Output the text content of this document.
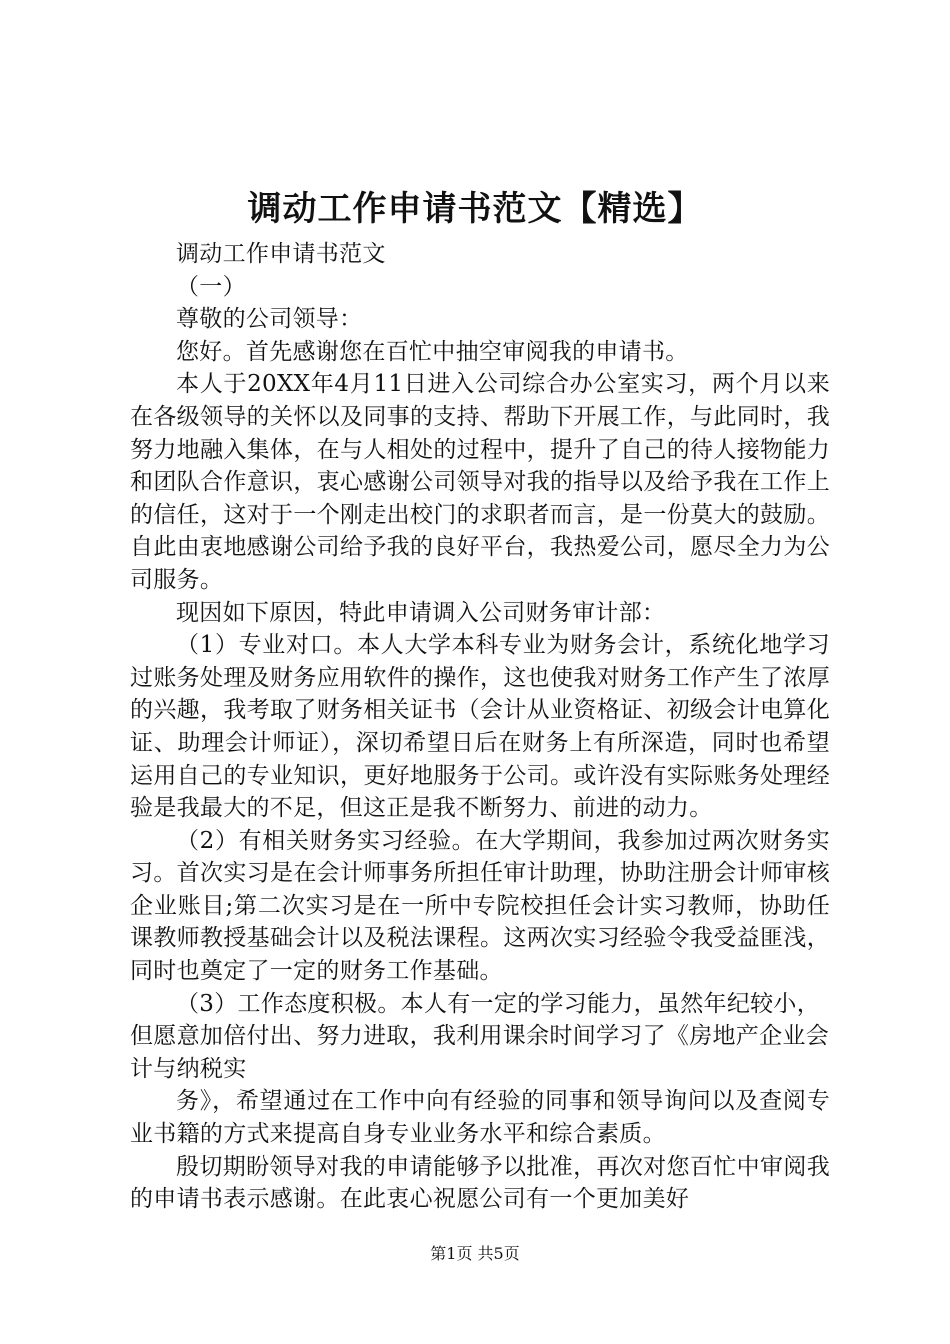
调动工作申请书范文【精选】

调动工作申请书范文

（一）

尊敬的公司领导：

您好。首先感谢您在百忙中抽空审阅我的申请书。

本人于20XX年4月11日进入公司综合办公室实习，两个月以来在各级领导的关怀以及同事的支持、帮助下开展工作，与此同时，我努力地融入集体，在与人相处的过程中，提升了自己的待人接物能力和团队合作意识，衷心感谢公司领导对我的指导以及给予我在工作上的信任，这对于一个刚走出校门的求职者而言，是一份莫大的鼓励。自此由衷地感谢公司给予我的良好平台，我热爱公司，愿尽全力为公司服务。

现因如下原因，特此申请调入公司财务审计部：

（1）专业对口。本人大学本科专业为财务会计，系统化地学习过账务处理及财务应用软件的操作，这也使我对财务工作产生了浓厚的兴趣，我考取了财务相关证书（会计从业资格证、初级会计电算化证、助理会计师证），深切希望日后在财务上有所深造，同时也希望运用自己的专业知识，更好地服务于公司。或许没有实际账务处理经验是我最大的不足，但这正是我不断努力、前进的动力。

（2）有相关财务实习经验。在大学期间，我参加过两次财务实习。首次实习是在会计师事务所担任审计助理，协助注册会计师审核企业账目;第二次实习是在一所中专院校担任会计实习教师，协助任课教师教授基础会计以及税法课程。这两次实习经验令我受益匪浅，同时也奠定了一定的财务工作基础。

（3）工作态度积极。本人有一定的学习能力，虽然年纪较小，但愿意加倍付出、努力进取，我利用课余时间学习了《房地产企业会计与纳税实

务》，希望通过在工作中向有经验的同事和领导询问以及查阅专业书籍的方式来提高自身专业业务水平和综合素质。

殷切期盼领导对我的申请能够予以批准，再次对您百忙中审阅我的申请书表示感谢。在此衷心祝愿公司有一个更加美好

第1页 共5页
